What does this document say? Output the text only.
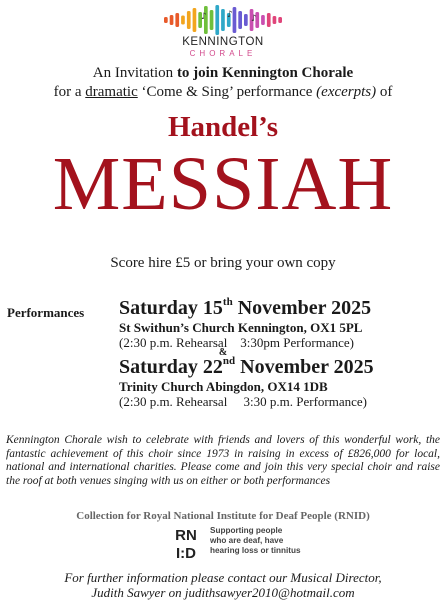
♪ ♪ ♪
KENNINGTON
CHORALE
An Invitation to join Kennington Chorale
for a dramatic ‘Come & Sing’ performance (excerpts) of
Handel’s
MESSIAH
Score hire £5 or bring your own copy
Performances Saturday 15th November 2025
St Swithun’s Church Kennington, OX1 5PL
(2:30 p.m. Rehearsal    3:30pm Performance)
&
Saturday 22nd November 2025
Trinity Church Abingdon, OX14 1DB
(2:30 p.m. Rehearsal     3:30 p.m. Performance)
Kennington Chorale wish to celebrate with friends and lovers of this wonderful work, the fantastic achievement of this choir since 1973 in raising in excess of £826,000 for local, national and international charities. Please come and join this very special choir and raise the roof at both venues singing with us on either or both performances
Collection for Royal National Institute for Deaf People (RNID)
RN
I:D
Supporting people
who are deaf, have
hearing loss or tinnitus
For further information please contact our Musical Director,
Judith Sawyer on judithsawyer2010@hotmail.com
